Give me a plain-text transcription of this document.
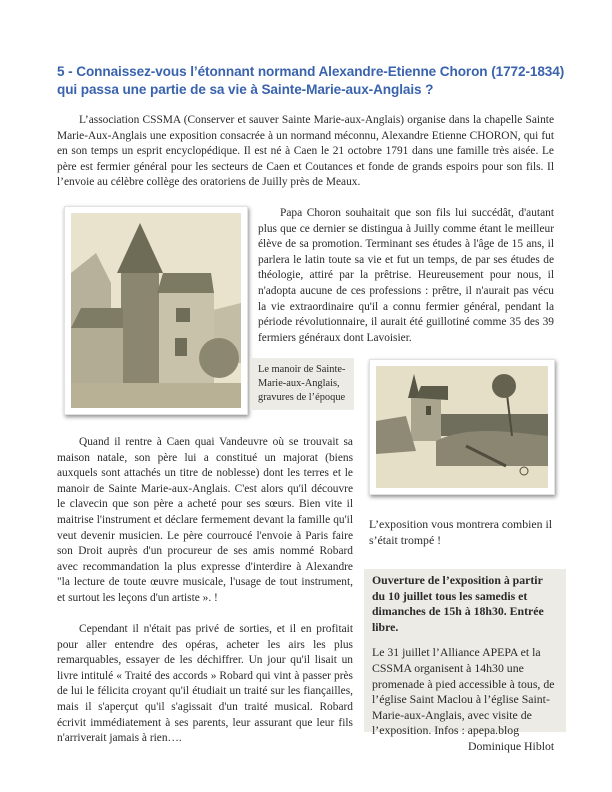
5 - Connaissez-vous l’étonnant normand Alexandre-Etienne Choron (1772-1834) qui passa une partie de sa vie à Sainte-Marie-aux-Anglais ?

L’association CSSMA (Conserver et sauver Sainte Marie-aux-Anglais) organise dans la chapelle Sainte Marie-Aux-Anglais une exposition consacrée à un normand méconnu, Alexandre Etienne CHORON, qui fut en son temps un esprit encyclopédique. Il est né à Caen le 21 octobre 1791 dans une famille très aisée. Le père est fermier général pour les secteurs de Caen et Coutances et fonde de grands espoirs pour son fils. Il l’envoie au célèbre collège des oratoriens de Juilly près de Meaux.

Papa Choron souhaitait que son fils lui succédât, d'autant plus que ce dernier se distingua à Juilly comme étant le meilleur élève de sa promotion. Terminant ses études à l'âge de 15 ans, il parlera le latin toute sa vie et fut un temps, de par ses études de théologie, attiré par la prêtrise. Heureusement pour nous, il n'adopta aucune de ces professions : prêtre, il n'aurait pas vécu la vie extraordinaire qu'il a connu fermier général, pendant la période révolutionnaire, il aurait été guillotiné comme 35 des 39 fermiers généraux dont Lavoisier.

Le manoir de Sainte-Marie-aux-Anglais, gravures de l’époque

Quand il rentre à Caen quai Vandeuvre où se trouvait sa maison natale, son père lui a constitué un majorat (biens auxquels sont attachés un titre de noblesse) dont les terres et le manoir de Sainte Marie-aux-Anglais. C'est alors qu'il découvre le clavecin que son père a acheté pour ses sœurs. Bien vite il maitrise l'instrument et déclare fermement devant la famille qu'il veut devenir musicien. Le père courroucé l'envoie à Paris faire son Droit auprès d'un procureur de ses amis nommé Robard avec recommandation la plus expresse d'interdire à Alexandre "la lecture de toute œuvre musicale, l'usage de tout instrument, et surtout les leçons d'un artiste ». !

Cependant il n'était pas privé de sorties, et il en profitait pour aller entendre des opéras, acheter les airs les plus remarquables, essayer de les déchiffrer. Un jour qu'il lisait un livre intitulé « Traité des accords » Robard qui vint à passer près de lui le félicita croyant qu'il étudiait un traité sur les fiançailles, mais il s'aperçut qu'il s'agissait d'un traité musical. Robard écrivit immédiatement à ses parents, leur assurant que leur fils n'arriverait jamais à rien….

L’exposition vous montrera combien il s’était trompé !

Ouverture de l’exposition à partir du 10 juillet tous les samedis et dimanches de 15h à 18h30. Entrée libre.

Le 31 juillet l’Alliance APEPA et la CSSMA organisent à 14h30 une promenade à pied accessible à tous, de l’église Saint Maclou à l’église Saint-Marie-aux-Anglais, avec visite de l’exposition. Infos : apepa.blog

Dominique Hiblot
